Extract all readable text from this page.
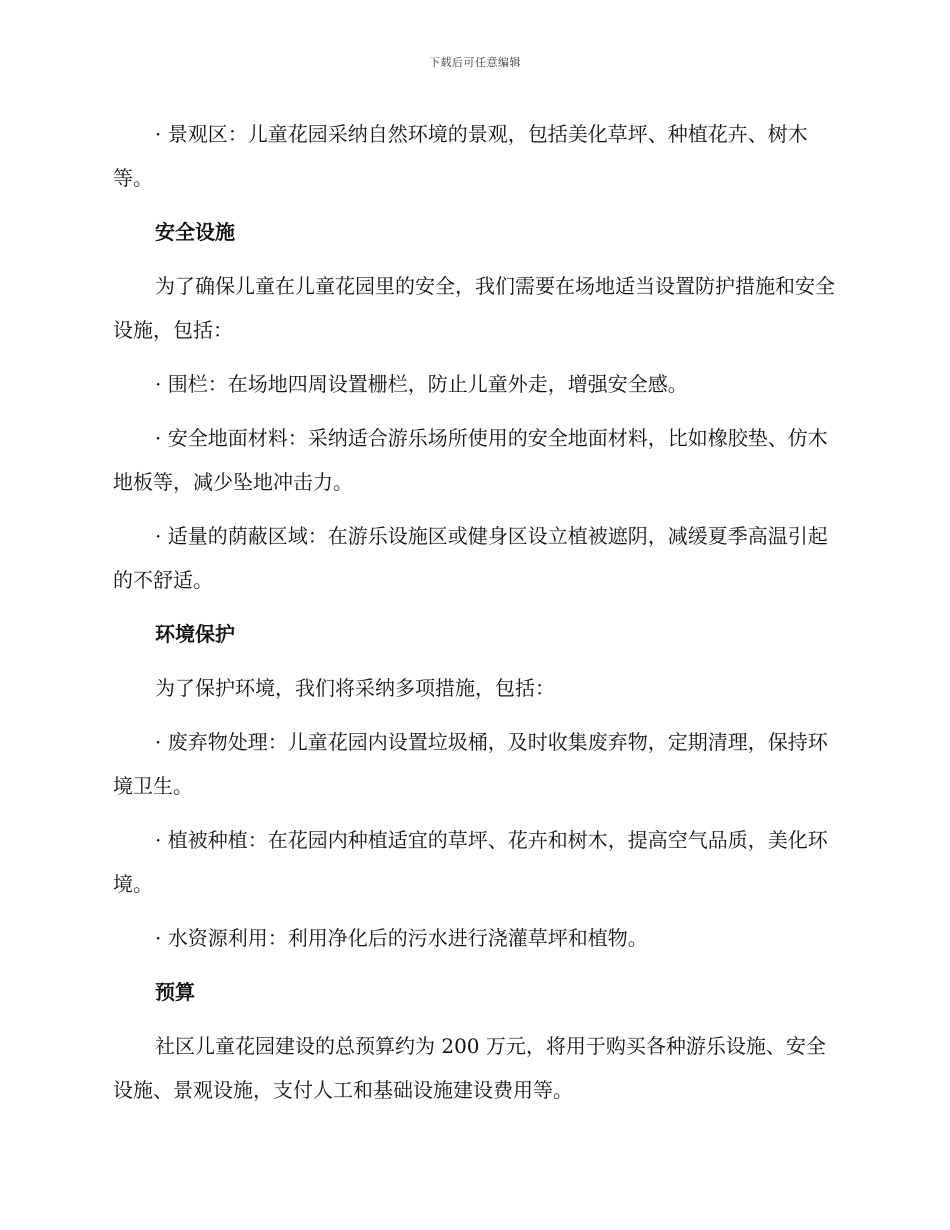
下载后可任意编辑

· 景观区：儿童花园采纳自然环境的景观，包括美化草坪、种植花卉、树木等。

安全设施

为了确保儿童在儿童花园里的安全，我们需要在场地适当设置防护措施和安全设施，包括：

· 围栏：在场地四周设置栅栏，防止儿童外走，增强安全感。

· 安全地面材料：采纳适合游乐场所使用的安全地面材料，比如橡胶垫、仿木地板等，减少坠地冲击力。

· 适量的荫蔽区域：在游乐设施区或健身区设立植被遮阴，减缓夏季高温引起的不舒适。

环境保护

为了保护环境，我们将采纳多项措施，包括：

· 废弃物处理：儿童花园内设置垃圾桶，及时收集废弃物，定期清理，保持环境卫生。

· 植被种植：在花园内种植适宜的草坪、花卉和树木，提高空气品质，美化环境。

· 水资源利用：利用净化后的污水进行浇灌草坪和植物。

预算

社区儿童花园建设的总预算约为 200 万元，将用于购买各种游乐设施、安全设施、景观设施，支付人工和基础设施建设费用等。
